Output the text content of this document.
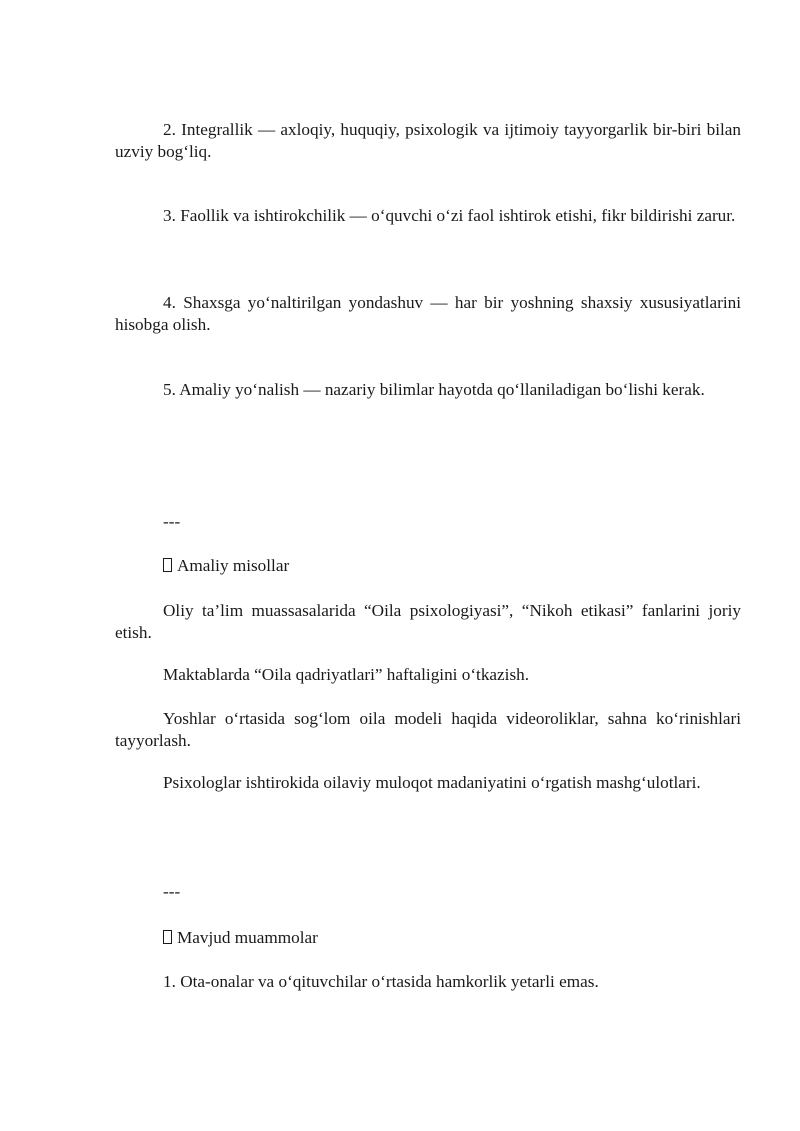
2. Integrallik — axloqiy, huquqiy, psixologik va ijtimoiy tayyorgarlik bir-biri bilan uzviy bog‘liq.

3. Faollik va ishtirokchilik — o‘quvchi o‘zi faol ishtirok etishi, fikr bildirishi zarur.

4. Shaxsga yo‘naltirilgan yondashuv — har bir yoshning shaxsiy xususiyatlarini hisobga olish.

5. Amaliy yo‘nalish — nazariy bilimlar hayotda qo‘llaniladigan bo‘lishi kerak.

---

Amaliy misollar

Oliy ta’lim muassasalarida “Oila psixologiyasi”, “Nikoh etikasi” fanlarini joriy etish.

Maktablarda “Oila qadriyatlari” haftaligini o‘tkazish.

Yoshlar o‘rtasida sog‘lom oila modeli haqida videoroliklar, sahna ko‘rinishlari tayyorlash.

Psixologlar ishtirokida oilaviy muloqot madaniyatini o‘rgatish mashg‘ulotlari.

---

Mavjud muammolar

1. Ota-onalar va o‘qituvchilar o‘rtasida hamkorlik yetarli emas.
